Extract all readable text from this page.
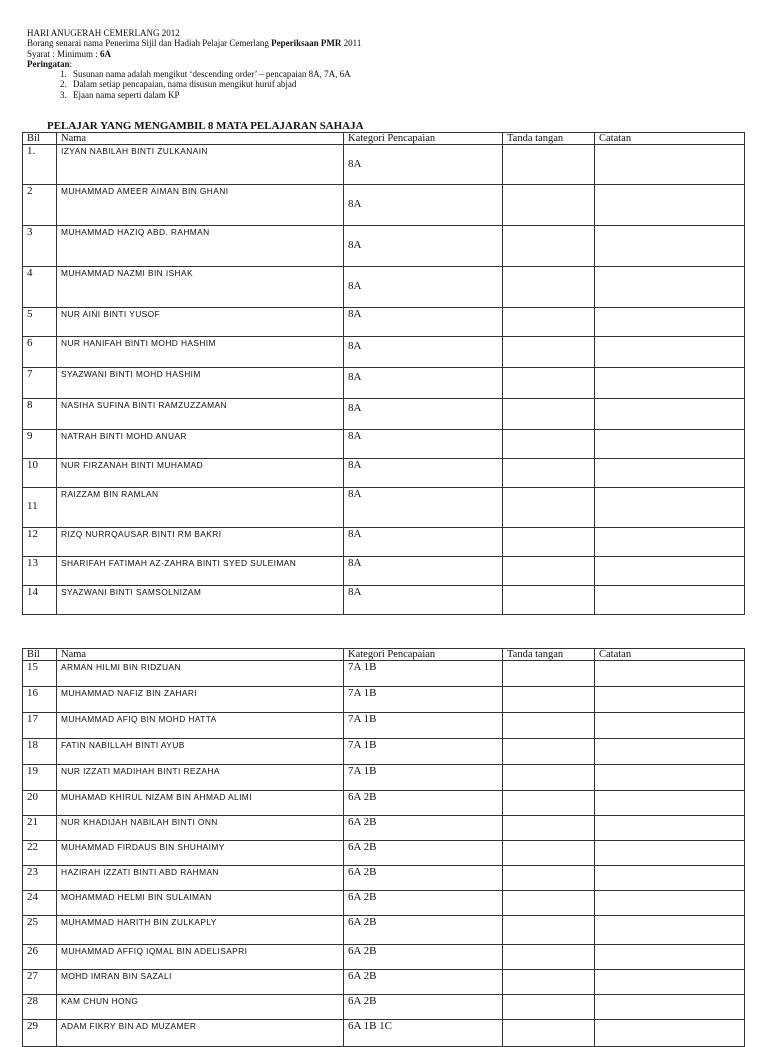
HARI ANUGERAH CEMERLANG 2012
Borang senarai nama Penerima Sijil dan Hadiah Pelajar Cemerlang Peperiksaan PMR 2011
Syarat : Minimum : 6A
Peringatan:
1. Susunan nama adalah mengikut ‘descending order’ – pencapaian 8A, 7A, 6A
2. Dalam setiap pencapaian, nama disusun mengikut huruf abjad
3. Ejaan nama seperti dalam KP
PELAJAR YANG MENGAMBIL 8 MATA PELAJARAN SAHAJA
Bil	Nama	Kategori Pencapaian	Tanda tangan	Catatan
1.	IZYAN NABILAH BINTI ZULKANAIN	8A		
2	MUHAMMAD AMEER AIMAN BIN GHANI	8A		
3	MUHAMMAD HAZIQ ABD. RAHMAN	8A		
4	MUHAMMAD NAZMI BIN ISHAK	8A		
5	NUR AINI BINTI YUSOF	8A		
6	NUR HANIFAH BINTI MOHD HASHIM	8A		
7	SYAZWANI BINTI MOHD HASHIM	8A		
8	NASIHA SUFINA BINTI RAMZUZZAMAN	8A		
9	NATRAH BINTI MOHD ANUAR	8A		
10	NUR FIRZANAH BINTI MUHAMAD	8A		
11	RAIZZAM BIN RAMLAN	8A		
12	RIZQ NURRQAUSAR BINTI RM BAKRI	8A		
13	SHARIFAH FATIMAH AZ-ZAHRA BINTI SYED SULEIMAN	8A		
14	SYAZWANI BINTI SAMSOLNIZAM	8A		
Bil	Nama	Kategori Pencapaian	Tanda tangan	Catatan
15	ARMAN HILMI BIN RIDZUAN	7A 1B		
16	MUHAMMAD NAFIZ BIN ZAHARI	7A 1B		
17	MUHAMMAD AFIQ BIN MOHD HATTA	7A 1B		
18	FATIN NABILLAH BINTI AYUB	7A 1B		
19	NUR IZZATI MADIHAH BINTI REZAHA	7A 1B		
20	MUHAMAD KHIRUL NIZAM BIN AHMAD ALIMI	6A 2B		
21	NUR KHADIJAH NABILAH BINTI ONN	6A 2B		
22	MUHAMMAD FIRDAUS BIN SHUHAIMY	6A 2B		
23	HAZIRAH IZZATI BINTI ABD RAHMAN	6A 2B		
24	MOHAMMAD HELMI BIN SULAIMAN	6A 2B		
25	MUHAMMAD HARITH BIN ZULKAPLY	6A 2B		
26	MUHAMMAD AFFIQ IQMAL BIN ADELISAPRI	6A 2B		
27	MOHD IMRAN BIN SAZALI	6A 2B		
28	KAM CHUN HONG	6A 2B		
29	ADAM FIKRY BIN AD MUZAMER	6A 1B 1C		
